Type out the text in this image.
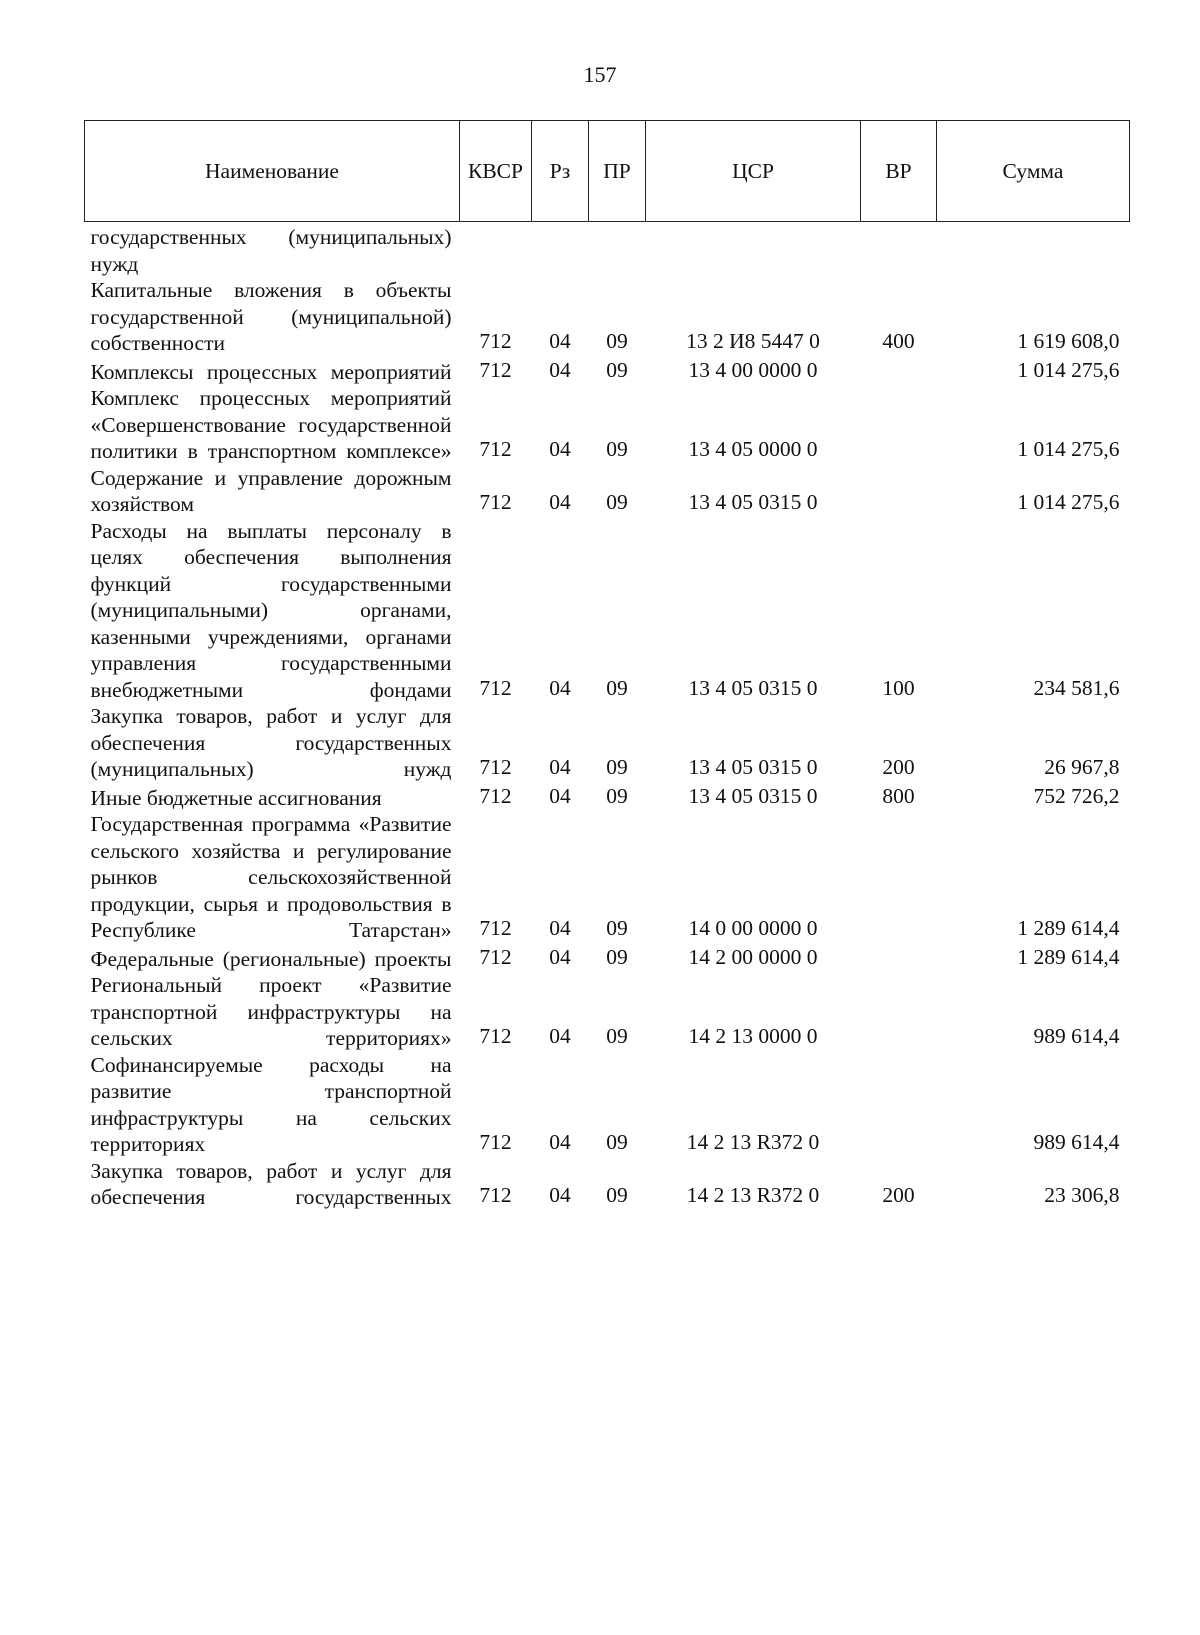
157
Наименование	КВСР	Рз	ПР	ЦСР	ВР	Сумма
государственных (муниципальных) нужд						
Капитальные вложения в объекты государственной (муниципальной) собственности	712	04	09	13 2 И8 5447 0	400	1 619 608,0
Комплексы процессных мероприятий	712	04	09	13 4 00 0000 0		1 014 275,6
Комплекс процессных мероприятий «Совершенствование государственной политики в транспортном комплексе»	712	04	09	13 4 05 0000 0		1 014 275,6
Содержание и управление дорожным хозяйством	712	04	09	13 4 05 0315 0		1 014 275,6
Расходы на выплаты персоналу в целях обеспечения выполнения функций государственными (муниципальными) органами, казенными учреждениями, органами управления государственными внебюджетными фондами	712	04	09	13 4 05 0315 0	100	234 581,6
Закупка товаров, работ и услуг для обеспечения государственных (муниципальных) нужд	712	04	09	13 4 05 0315 0	200	26 967,8
Иные бюджетные ассигнования	712	04	09	13 4 05 0315 0	800	752 726,2
Государственная программа «Развитие сельского хозяйства и регулирование рынков сельскохозяйственной продукции, сырья и продовольствия в Республике Татарстан»	712	04	09	14 0 00 0000 0		1 289 614,4
Федеральные (региональные) проекты	712	04	09	14 2 00 0000 0		1 289 614,4
Региональный проект «Развитие транспортной инфраструктуры на сельских территориях»	712	04	09	14 2 13 0000 0		989 614,4
Софинансируемые расходы на развитие транспортной инфраструктуры на сельских территориях	712	04	09	14 2 13 R372 0		989 614,4
Закупка товаров, работ и услуг для обеспечения государственных	712	04	09	14 2 13 R372 0	200	23 306,8
